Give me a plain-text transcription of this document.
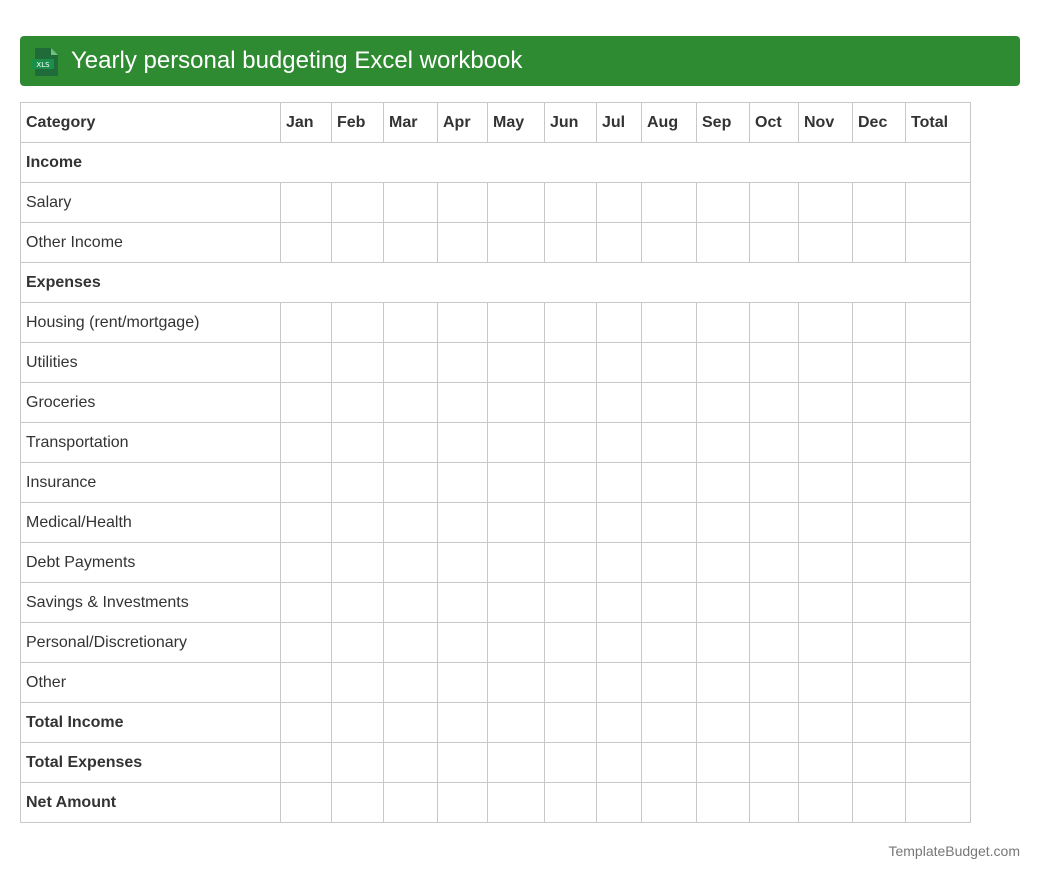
XLS Yearly personal budgeting Excel workbook
Category	Jan	Feb	Mar	Apr	May	Jun	Jul	Aug	Sep	Oct	Nov	Dec	Total
Income													
Salary													
Other Income													
Expenses													
Housing (rent/mortgage)													
Utilities													
Groceries													
Transportation													
Insurance													
Medical/Health													
Debt Payments													
Savings & Investments													
Personal/Discretionary													
Other													
Total Income													
Total Expenses													
Net Amount													
TemplateBudget.com
